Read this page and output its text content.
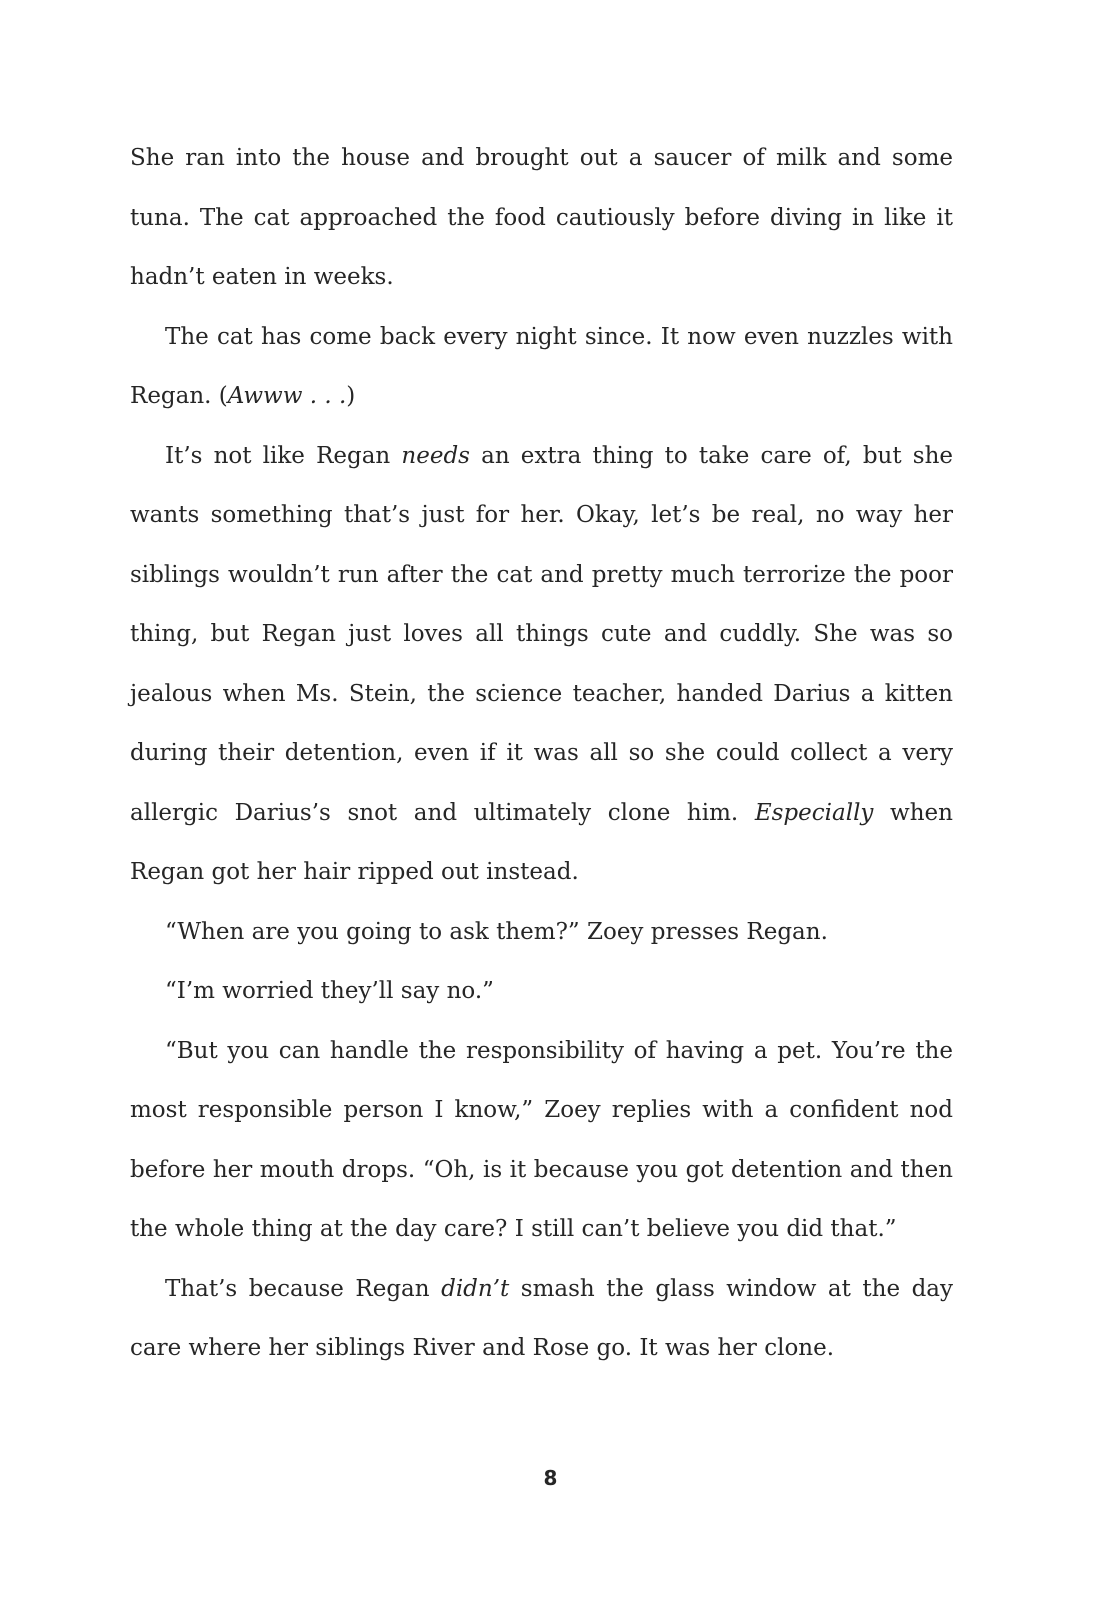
She ran into the house and brought out a saucer of milk and some tuna. The cat approached the food cautiously before diving in like it hadn’t eaten in weeks.

The cat has come back every night since. It now even nuzzles with Regan. (Awww . . .)

It’s not like Regan needs an extra thing to take care of, but she wants something that’s just for her. Okay, let’s be real, no way her siblings wouldn’t run after the cat and pretty much terrorize the poor thing, but Regan just loves all things cute and cuddly. She was so jealous when Ms. Stein, the science teacher, handed Darius a kitten during their detention, even if it was all so she could collect a very allergic Darius’s snot and ultimately clone him. Especially when Regan got her hair ripped out instead.

“When are you going to ask them?” Zoey presses Regan.

“I’m worried they’ll say no.”

“But you can handle the responsibility of having a pet. You’re the most responsible person I know,” Zoey replies with a confident nod before her mouth drops. “Oh, is it because you got detention and then the whole thing at the day care? I still can’t believe you did that.”

That’s because Regan didn’t smash the glass window at the day care where her siblings River and Rose go. It was her clone.

8
